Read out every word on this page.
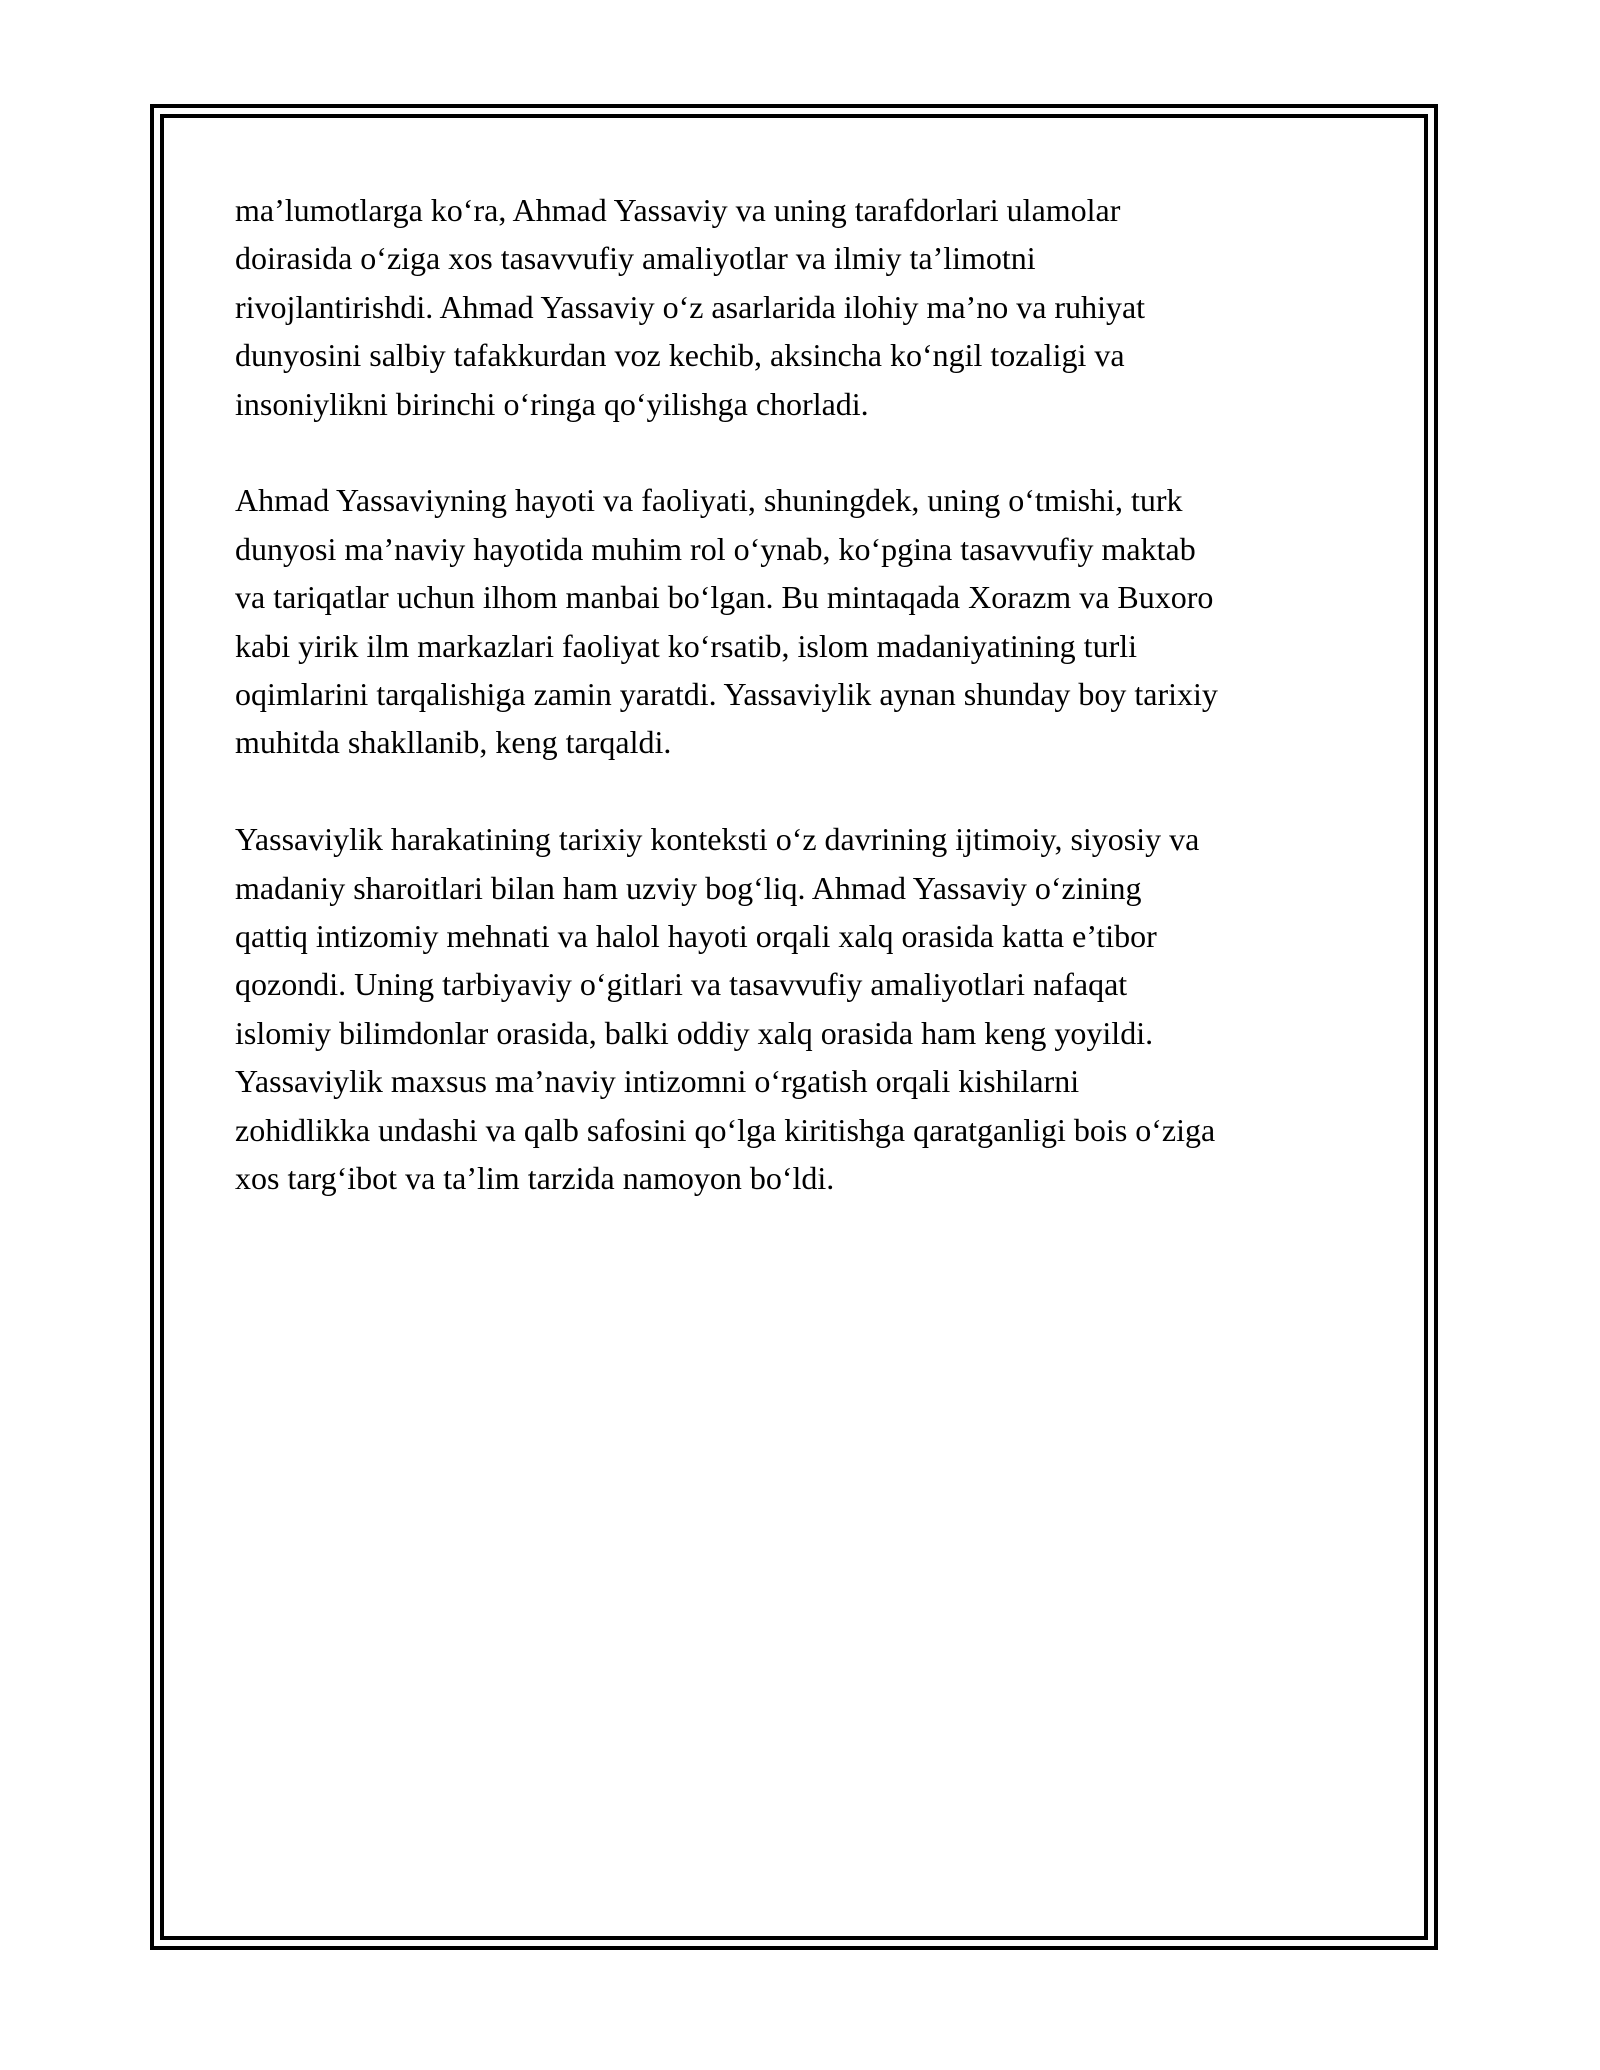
ma’lumotlarga ko‘ra, Ahmad Yassaviy va uning tarafdorlari ulamolar
doirasida o‘ziga xos tasavvufiy amaliyotlar va ilmiy ta’limotni
rivojlantirishdi. Ahmad Yassaviy o‘z asarlarida ilohiy ma’no va ruhiyat
dunyosini salbiy tafakkurdan voz kechib, aksincha ko‘ngil tozaligi va
insoniylikni birinchi o‘ringa qo‘yilishga chorladi.

Ahmad Yassaviyning hayoti va faoliyati, shuningdek, uning o‘tmishi, turk
dunyosi ma’naviy hayotida muhim rol o‘ynab, ko‘pgina tasavvufiy maktab
va tariqatlar uchun ilhom manbai bo‘lgan. Bu mintaqada Xorazm va Buxoro
kabi yirik ilm markazlari faoliyat ko‘rsatib, islom madaniyatining turli
oqimlarini tarqalishiga zamin yaratdi. Yassaviylik aynan shunday boy tarixiy
muhitda shakllanib, keng tarqaldi.

Yassaviylik harakatining tarixiy konteksti o‘z davrining ijtimoiy, siyosiy va
madaniy sharoitlari bilan ham uzviy bog‘liq. Ahmad Yassaviy o‘zining
qattiq intizomiy mehnati va halol hayoti orqali xalq orasida katta e’tibor
qozondi. Uning tarbiyaviy o‘gitlari va tasavvufiy amaliyotlari nafaqat
islomiy bilimdonlar orasida, balki oddiy xalq orasida ham keng yoyildi.
Yassaviylik maxsus ma’naviy intizomni o‘rgatish orqali kishilarni
zohidlikka undashi va qalb safosini qo‘lga kiritishga qaratganligi bois o‘ziga
xos targ‘ibot va ta’lim tarzida namoyon bo‘ldi.
